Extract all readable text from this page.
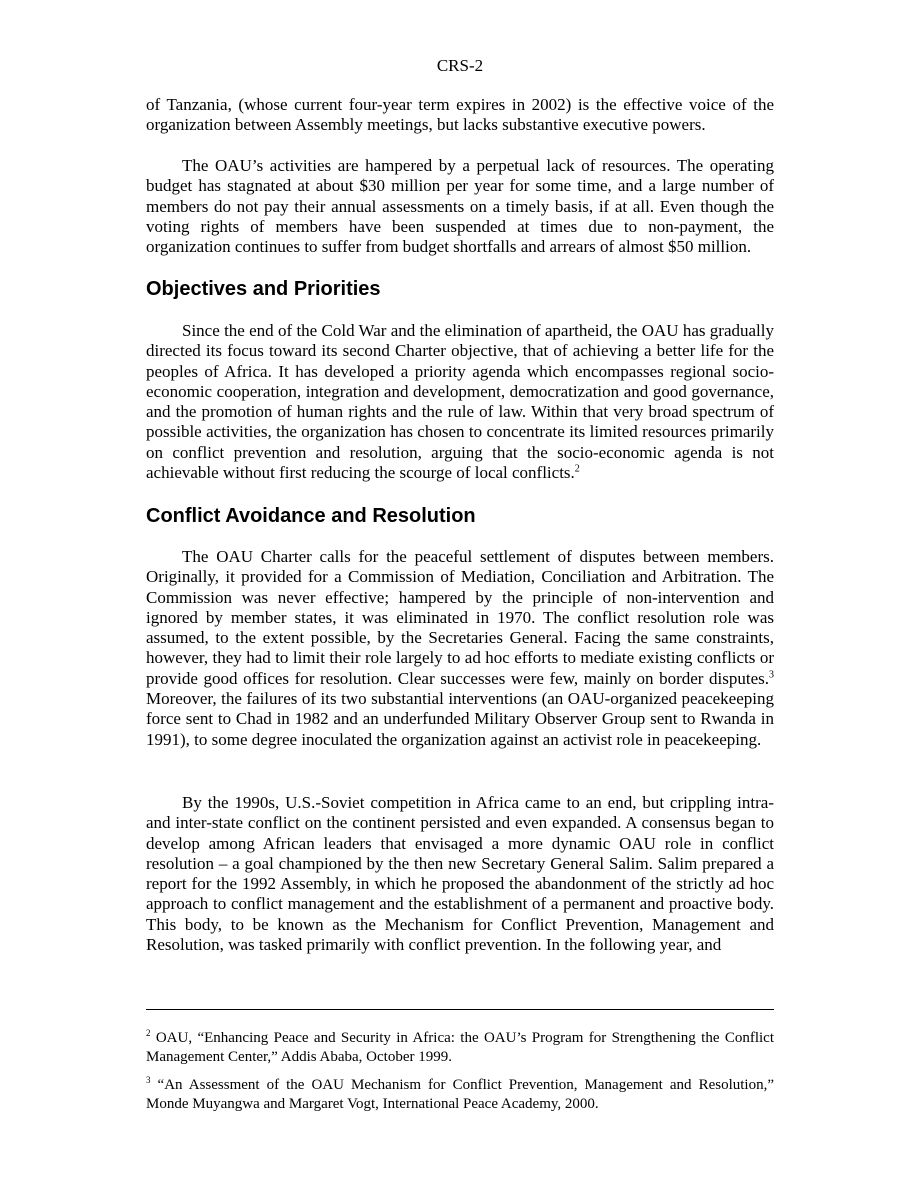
CRS-2

of Tanzania, (whose current four-year term expires in 2002) is the effective voice of the organization between Assembly meetings, but lacks substantive executive powers.

The OAU’s activities are hampered by a perpetual lack of resources. The operating budget has stagnated at about $30 million per year for some time, and a large number of members do not pay their annual assessments on a timely basis, if at all. Even though the voting rights of members have been suspended at times due to non-payment, the organization continues to suffer from budget shortfalls and arrears of almost $50 million.

Objectives and Priorities

Since the end of the Cold War and the elimination of apartheid, the OAU has gradually directed its focus toward its second Charter objective, that of achieving a better life for the peoples of Africa. It has developed a priority agenda which encompasses regional socio-economic cooperation, integration and development, democratization and good governance, and the promotion of human rights and the rule of law. Within that very broad spectrum of possible activities, the organization has chosen to concentrate its limited resources primarily on conflict prevention and resolution, arguing that the socio-economic agenda is not achievable without first reducing the scourge of local conflicts.$^2$

Conflict Avoidance and Resolution

The OAU Charter calls for the peaceful settlement of disputes between members. Originally, it provided for a Commission of Mediation, Conciliation and Arbitration. The Commission was never effective; hampered by the principle of non-intervention and ignored by member states, it was eliminated in 1970. The conflict resolution role was assumed, to the extent possible, by the Secretaries General. Facing the same constraints, however, they had to limit their role largely to ad hoc efforts to mediate existing conflicts or provide good offices for resolution. Clear successes were few, mainly on border disputes.$^3$ Moreover, the failures of its two substantial interventions (an OAU-organized peacekeeping force sent to Chad in 1982 and an underfunded Military Observer Group sent to Rwanda in 1991), to some degree inoculated the organization against an activist role in peacekeeping.

By the 1990s, U.S.-Soviet competition in Africa came to an end, but crippling intra- and inter-state conflict on the continent persisted and even expanded. A consensus began to develop among African leaders that envisaged a more dynamic OAU role in conflict resolution – a goal championed by the then new Secretary General Salim. Salim prepared a report for the 1992 Assembly, in which he proposed the abandonment of the strictly ad hoc approach to conflict management and the establishment of a permanent and proactive body. This body, to be known as the Mechanism for Conflict Prevention, Management and Resolution, was tasked primarily with conflict prevention. In the following year, and

$^2$ OAU, “Enhancing Peace and Security in Africa: the OAU’s Program for Strengthening the Conflict Management Center,” Addis Ababa, October 1999.

$^3$ “An Assessment of the OAU Mechanism for Conflict Prevention, Management and Resolution,” Monde Muyangwa and Margaret Vogt, International Peace Academy, 2000.
